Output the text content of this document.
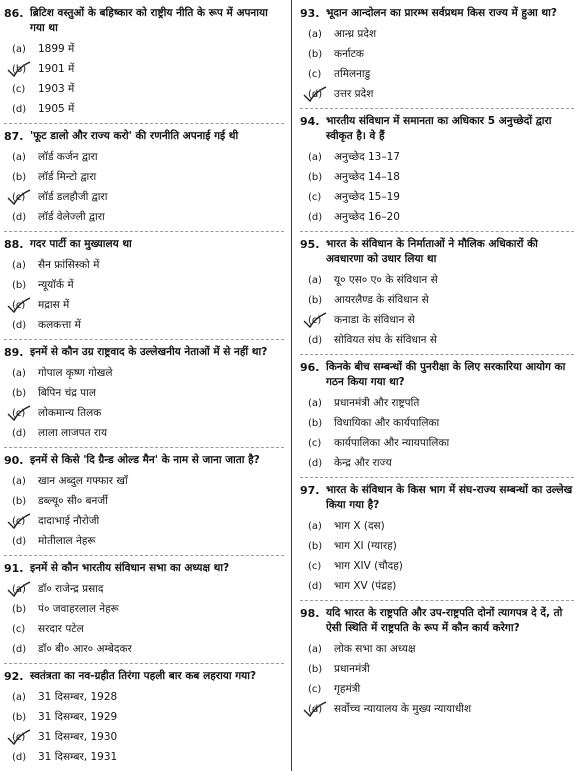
86. ब्रिटिश वस्तुओं के बहिष्कार को राष्ट्रीय नीति के रूप में अपनाया गया था
(a)	1899 में
(b)	1901 में
(c)	1903 में
(d)	1905 में
87. 'फूट डालो और राज्य करो' की रणनीति अपनाई गई थी
(a)	लॉर्ड कर्जन द्वारा
(b)	लॉर्ड मिन्टो द्वारा
(c)	लॉर्ड डलहौजी द्वारा
(d)	लॉर्ड वेलेज्ली द्वारा
88. गदर पार्टी का मुख्यालय था
(a)	सैन फ्रांसिस्को में
(b)	न्यूयॉर्क में
(c)	मद्रास में
(d)	कलकत्ता में
89. इनमें से कौन उग्र राष्ट्रवाद के उल्लेखनीय नेताओं में से नहीं था?
(a)	गोपाल कृष्ण गोखले
(b)	बिपिन चंद्र पाल
(c)	लोकमान्य तिलक
(d)	लाला लाजपत राय
90. इनमें से किसे 'दि ग्रैन्ड ओल्ड मैन' के नाम से जाना जाता है?
(a)	खान अब्दुल गफ्फार खाँ
(b)	डब्ल्यू० सी० बनर्जी
(c)	दादाभाई नौरोजी
(d)	मोतीलाल नेहरू
91. इनमें से कौन भारतीय संविधान सभा का अध्यक्ष था?
(a)	डॉ० राजेन्द्र प्रसाद
(b)	पं० जवाहरलाल नेहरू
(c)	सरदार पटेल
(d)	डॉ० बी० आर० अम्बेदकर
92. स्वतंत्रता का नव-ग्रहीत तिरंगा पहली बार कब लहराया गया?
(a)	31 दिसम्बर, 1928
(b)	31 दिसम्बर, 1929
(c)	31 दिसम्बर, 1930
(d)	31 दिसम्बर, 1931
93. भूदान आन्दोलन का प्रारम्भ सर्वप्रथम किस राज्य में हुआ था?
(a)	आन्ध्र प्रदेश
(b)	कर्नाटक
(c)	तमिलनाडु
(d)	उत्तर प्रदेश
94. भारतीय संविधान में समानता का अधिकार 5 अनुच्छेदों द्वारा स्वीकृत है। वे हैं
(a)	अनुच्छेद 13–17
(b)	अनुच्छेद 14–18
(c)	अनुच्छेद 15–19
(d)	अनुच्छेद 16–20
95. भारत के संविधान के निर्माताओं ने मौलिक अधिकारों की अवधारणा को उधार लिया था
(a)	यू० एस० ए० के संविधान से
(b)	आयरलैण्ड के संविधान से
(c)	कनाडा के संविधान से
(d)	सोवियत संघ के संविधान से
96. किनके बीच सम्बन्धों की पुनरीक्षा के लिए सरकारिया आयोग का गठन किया गया था?
(a)	प्रधानमंत्री और राष्ट्रपति
(b)	विधायिका और कार्यपालिका
(c)	कार्यपालिका और न्यायपालिका
(d)	केन्द्र और राज्य
97. भारत के संविधान के किस भाग में संघ-राज्य सम्बन्धों का उल्लेख किया गया है?
(a)	भाग X (दस)
(b)	भाग XI (ग्यारह)
(c)	भाग XIV (चौदह)
(d)	भाग XV (पंद्रह)
98. यदि भारत के राष्ट्रपति और उप-राष्ट्रपति दोनों त्यागपत्र दे दें, तो ऐसी स्थिति में राष्ट्रपति के रूप में कौन कार्य करेगा?
(a)	लोक सभा का अध्यक्ष
(b)	प्रधानमंत्री
(c)	गृहमंत्री
(d)	सर्वोच्च न्यायालय के मुख्य न्यायाधीश
